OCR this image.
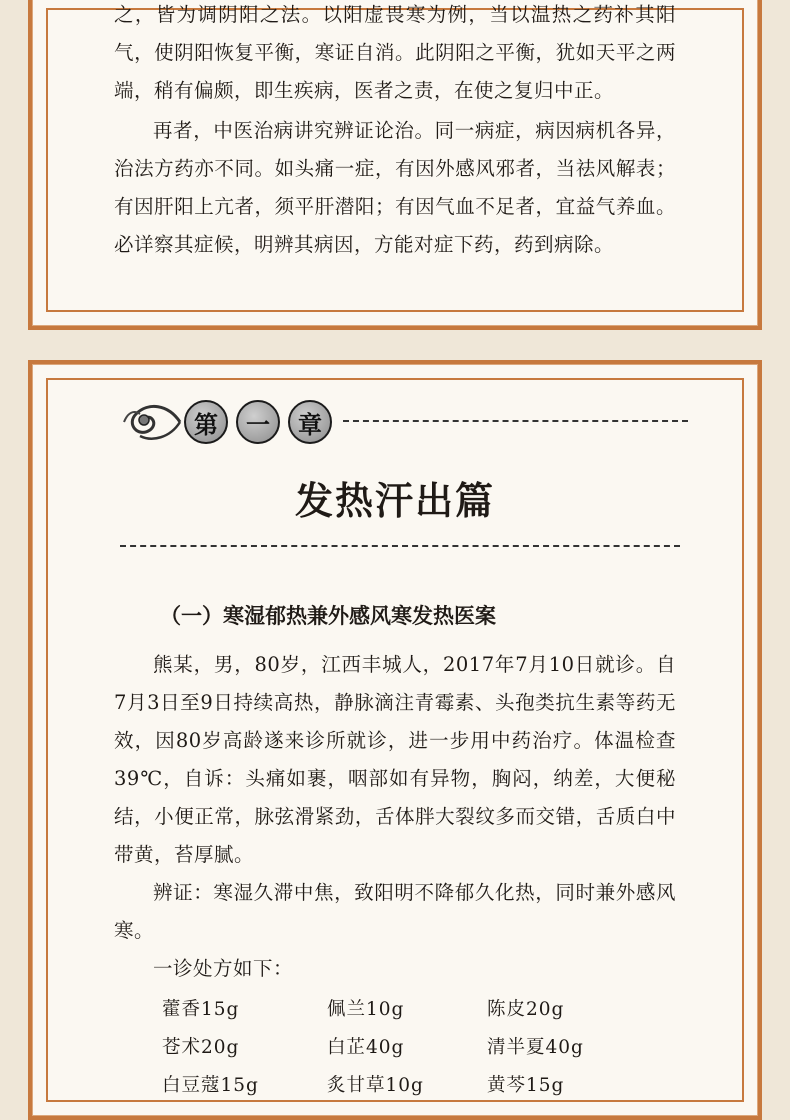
之，皆为调阴阳之法。以阳虚畏寒为例，当以温热之药补其阳气，使阴阳恢复平衡，寒证自消。此阴阳之平衡，犹如天平之两端，稍有偏颇，即生疾病，医者之责，在使之复归中正。

再者，中医治病讲究辨证论治。同一病症，病因病机各异，治法方药亦不同。如头痛一症，有因外感风邪者，当祛风解表；有因肝阳上亢者，须平肝潜阳；有因气血不足者，宜益气养血。必详察其症候，明辨其病因，方能对症下药，药到病除。

第	一	章
发热汗出篇
（一）寒湿郁热兼外感风寒发热医案

熊某，男，80岁，江西丰城人，2017年7月10日就诊。自7月3日至9日持续高热，静脉滴注青霉素、头孢类抗生素等药无效，因80岁高龄遂来诊所就诊，进一步用中药治疗。体温检查39℃，自诉：头痛如裹，咽部如有异物，胸闷，纳差，大便秘结，小便正常，脉弦滑紧劲，舌体胖大裂纹多而交错，舌质白中带黄，苔厚腻。

辨证：寒湿久滞中焦，致阳明不降郁久化热，同时兼外感风寒。

一诊处方如下：

藿香15g	佩兰10g	陈皮20g
苍术20g	白芷40g	清半夏40g
白豆蔻15g	炙甘草10g	黄芩15g
